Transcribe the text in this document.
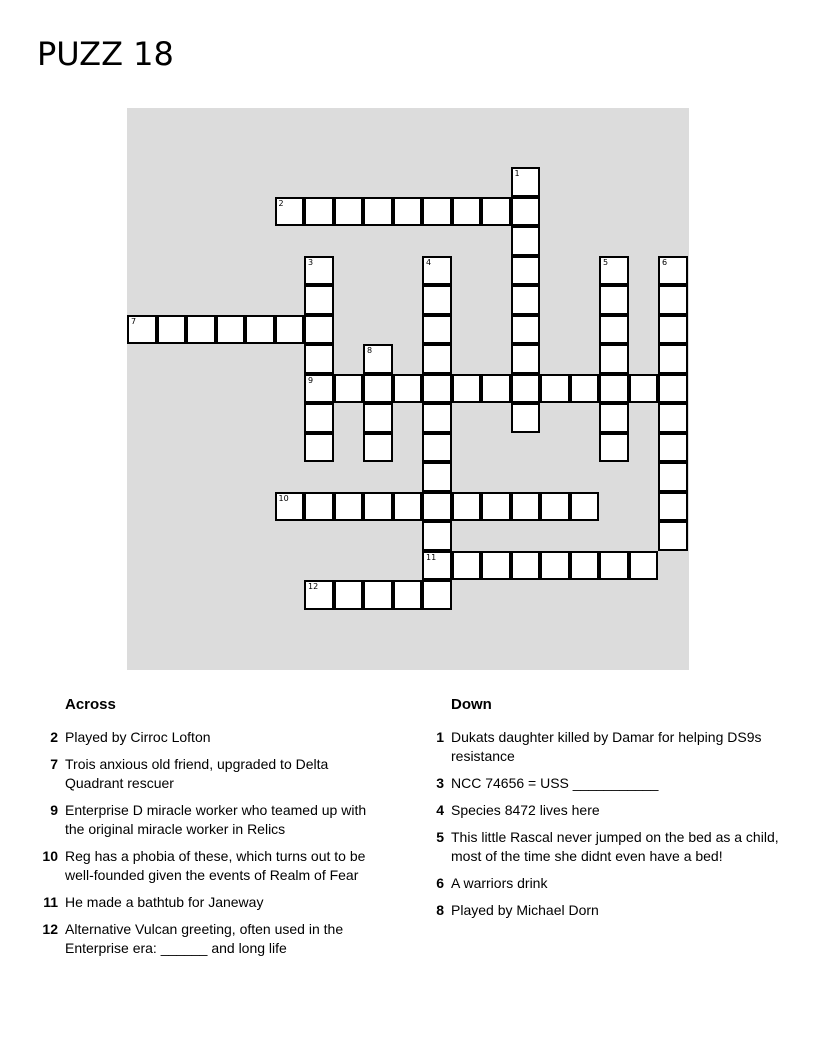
PUZZ 18
1
2
3
9
4
11
5	6
7
8
10
12
Across
2 Played by Cirroc Lofton
7 Trois anxious old friend, upgraded to Delta Quadrant rescuer
9 Enterprise D miracle worker who teamed up with the original miracle worker in Relics
10 Reg has a phobia of these, which turns out to be well-founded given the events of Realm of Fear
11 He made a bathtub for Janeway
12 Alternative Vulcan greeting, often used in the Enterprise era: ______ and long life
Down
1 Dukats daughter killed by Damar for helping DS9s resistance
3 NCC 74656 = USS ___________
4 Species 8472 lives here
5 This little Rascal never jumped on the bed as a child, most of the time she didnt even have a bed!
6 A warriors drink
8 Played by Michael Dorn
